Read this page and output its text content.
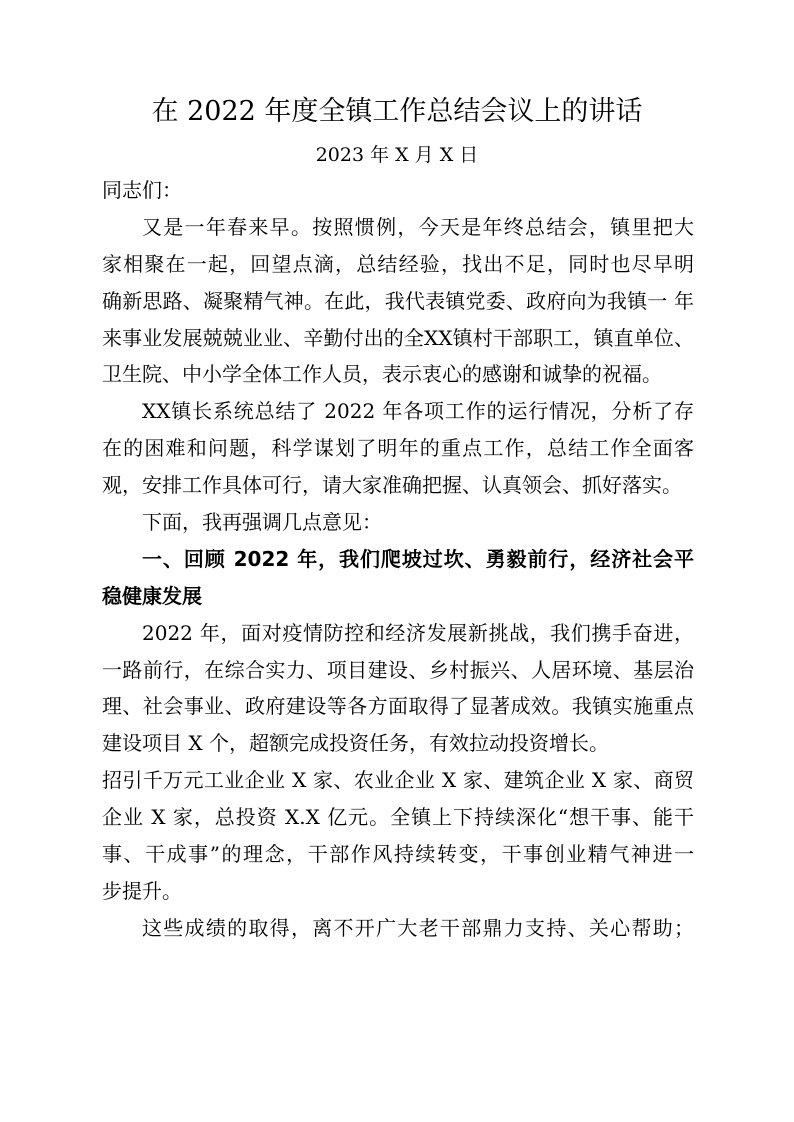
在 2022 年度全镇工作总结会议上的讲话
2023 年 X 月 X 日
同志们：
又是一年春来早。按照惯例，今天是年终总结会，镇里把大
家相聚在一起，回望点滴，总结经验，找出不足，同时也尽早明
确新思路、凝聚精气神。在此，我代表镇党委、政府向为我镇一 年
来事业发展兢兢业业、辛勤付出的全XX镇村干部职工，镇直单位、
卫生院、中小学全体工作人员，表示衷心的感谢和诚挚的祝福。
XX镇长系统总结了 2022 年各项工作的运行情况，分析了存
在的困难和问题，科学谋划了明年的重点工作，总结工作全面客
观，安排工作具体可行，请大家准确把握、认真领会、抓好落实。
下面，我再强调几点意见：
一、回顾 2022 年，我们爬坡过坎、勇毅前行，经济社会平
稳健康发展
2022 年，面对疫情防控和经济发展新挑战，我们携手奋进，
一路前行，在综合实力、项目建设、乡村振兴、人居环境、基层治
理、社会事业、政府建设等各方面取得了显著成效。我镇实施重点
建设项目 X 个，超额完成投资任务，有效拉动投资增长。
招引千万元工业企业 X 家、农业企业 X 家、建筑企业 X 家、商贸
企业 X 家，总投资 X.X 亿元。全镇上下持续深化“想干事、能干
事、干成事”的理念，干部作风持续转变，干事创业精气神进一
步提升。
这些成绩的取得，离不开广大老干部鼎力支持、关心帮助；
